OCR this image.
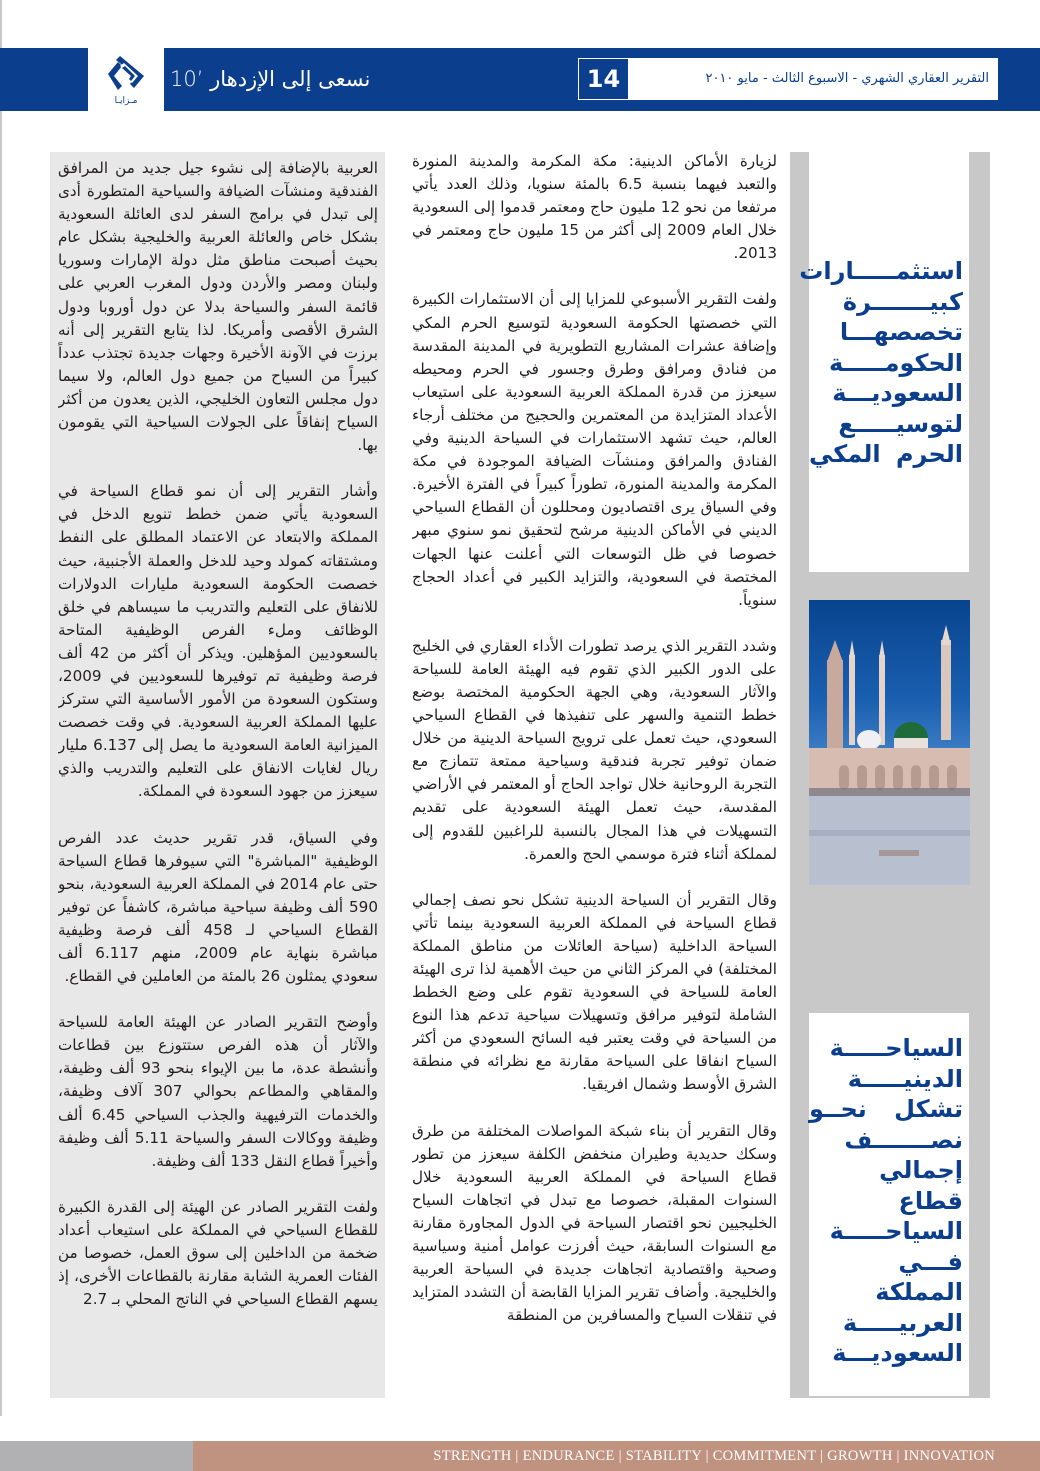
مـزايـا
نسعى إلى الإزدهار ’10	14	التقرير العقاري الشهري - الاسبوع الثالث - مايو ٢٠١٠
استثمـــــارات
كبيـــــــرة
تخصصهـــا
الحكومـــــة
السعوديـــة
لتوسيـــــع
الحرم المكي
السياحـــــة
الدينيـــــة
تشكل نحــو
نصـــــــف
إجمالي قطاع
السياحـــــة
فـــي المملكة
العربيـــــة
السعوديـــة

لزيارة الأماكن الدينية: مكة المكرمة والمدينة المنورة والتعبد فيهما بنسبة 6.5 بالمئة سنويا، وذلك العدد يأتي مرتفعا من نحو 12 مليون حاج ومعتمر قدموا إلى السعودية خلال العام 2009 إلى أكثر من 15 مليون حاج ومعتمر في 2013.

ولفت التقرير الأسبوعي للمزايا إلى أن الاستثمارات الكبيرة التي خصصتها الحكومة السعودية لتوسيع الحرم المكي وإضافة عشرات المشاريع التطويرية في المدينة المقدسة من فنادق ومرافق وطرق وجسور في الحرم ومحيطه سيعزز من قدرة المملكة العربية السعودية على استيعاب الأعداد المتزايدة من المعتمرين والحجيج من مختلف أرجاء العالم، حيث تشهد الاستثمارات في السياحة الدينية وفي الفنادق والمرافق ومنشآت الضيافة الموجودة في مكة المكرمة والمدينة المنورة، تطوراً كبيراً في الفترة الأخيرة. وفي السياق يرى اقتصاديون ومحللون أن القطاع السياحي الديني في الأماكن الدينية مرشح لتحقيق نمو سنوي مبهر خصوصا في ظل التوسعات التي أعلنت عنها الجهات المختصة في السعودية، والتزايد الكبير في أعداد الحجاج سنوياً.

وشدد التقرير الذي يرصد تطورات الأداء العقاري في الخليج على الدور الكبير الذي تقوم فيه الهيئة العامة للسياحة والآثار السعودية، وهي الجهة الحكومية المختصة بوضع خطط التنمية والسهر على تنفيذها في القطاع السياحي السعودي، حيث تعمل على ترويج السياحة الدينية من خلال ضمان توفير تجربة فندقية وسياحية ممتعة تتمازج مع التجربة الروحانية خلال تواجد الحاج أو المعتمر في الأراضي المقدسة، حيث تعمل الهيئة السعودية على تقديم التسهيلات في هذا المجال بالنسبة للراغبين للقدوم إلى لمملكة أثناء فترة موسمي الحج والعمرة.

وقال التقرير أن السياحة الدينية تشكل نحو نصف إجمالي قطاع السياحة في المملكة العربية السعودية بينما تأتي السياحة الداخلية (سياحة العائلات من مناطق المملكة المختلفة) في المركز الثاني من حيث الأهمية لذا ترى الهيئة العامة للسياحة في السعودية تقوم على وضع الخطط الشاملة لتوفير مرافق وتسهيلات سياحية تدعم هذا النوع من السياحة في وقت يعتبر فيه السائح السعودي من أكثر السياح انفاقا على السياحة مقارنة مع نظرائه في منطقة الشرق الأوسط وشمال افريقيا.

وقال التقرير أن بناء شبكة المواصلات المختلفة من طرق وسكك حديدية وطيران منخفض الكلفة سيعزز من تطور قطاع السياحة في المملكة العربية السعودية خلال السنوات المقبلة، خصوصا مع تبدل في اتجاهات السياح الخليجيين نحو اقتصار السياحة في الدول المجاورة مقارنة مع السنوات السابقة، حيث أفرزت عوامل أمنية وسياسية وصحية واقتصادية اتجاهات جديدة في السياحة العربية والخليجية. وأضاف تقرير المزايا القابضة أن التشدد المتزايد في تنقلات السياح والمسافرين من المنطقة

العربية بالإضافة إلى نشوء جيل جديد من المرافق الفندقية ومنشآت الضيافة والسياحية المتطورة أدى إلى تبدل في برامج السفر لدى العائلة السعودية بشكل خاص والعائلة العربية والخليجية بشكل عام بحيث أصبحت مناطق مثل دولة الإمارات وسوريا ولبنان ومصر والأردن ودول المغرب العربي على قائمة السفر والسياحة بدلا عن دول أوروبا ودول الشرق الأقصى وأمريكا. لذا يتابع التقرير إلى أنه برزت في الآونة الأخيرة وجهات جديدة تجتذب عدداً كبيراً من السياح من جميع دول العالم، ولا سيما دول مجلس التعاون الخليجي، الذين يعدون من أكثر السياح إنفاقاً على الجولات السياحية التي يقومون بها.

وأشار التقرير إلى أن نمو قطاع السياحة في السعودية يأتي ضمن خطط تنويع الدخل في المملكة والابتعاد عن الاعتماد المطلق على النفط ومشتقاته كمولد وحيد للدخل والعملة الأجنبية، حيث خصصت الحكومة السعودية مليارات الدولارات للانفاق على التعليم والتدريب ما سيساهم في خلق الوظائف وملء الفرص الوظيفية المتاحة بالسعوديين المؤهلين. ويذكر أن أكثر من 42 ألف فرصة وظيفية تم توفيرها للسعوديين في 2009، وستكون السعودة من الأمور الأساسية التي ستركز عليها المملكة العربية السعودية. في وقت خصصت الميزانية العامة السعودية ما يصل إلى 6.137 مليار ريال لغايات الانفاق على التعليم والتدريب والذي سيعزز من جهود السعودة في المملكة.

وفي السياق، قدر تقرير حديث عدد الفرص الوظيفية "المباشرة" التي سيوفرها قطاع السياحة حتى عام 2014 في المملكة العربية السعودية، بنحو 590 ألف وظيفة سياحية مباشرة، كاشفاً عن توفير القطاع السياحي لـ 458 ألف فرصة وظيفية مباشرة بنهاية عام 2009، منهم 6.117 ألف سعودي يمثلون 26 بالمئة من العاملين في القطاع.

وأوضح التقرير الصادر عن الهيئة العامة للسياحة والآثار أن هذه الفرص ستتوزع بين قطاعات وأنشطة عدة، ما بين الإيواء بنحو 93 ألف وظيفة، والمقاهي والمطاعم بحوالي 307 آلاف وظيفة، والخدمات الترفيهية والجذب السياحي 6.45 ألف وظيفة ووكالات السفر والسياحة 5.11 ألف وظيفة وأخيراً قطاع النقل 133 ألف وظيفة.

ولفت التقرير الصادر عن الهيئة إلى القدرة الكبيرة للقطاع السياحي في المملكة على استيعاب أعداد ضخمة من الداخلين إلى سوق العمل، خصوصا من الفئات العمرية الشابة مقارنة بالقطاعات الأخرى، إذ يسهم القطاع السياحي في الناتج المحلي بـ 2.7

STRENGTH | ENDURANCE | STABILITY | COMMITMENT | GROWTH | INNOVATION
